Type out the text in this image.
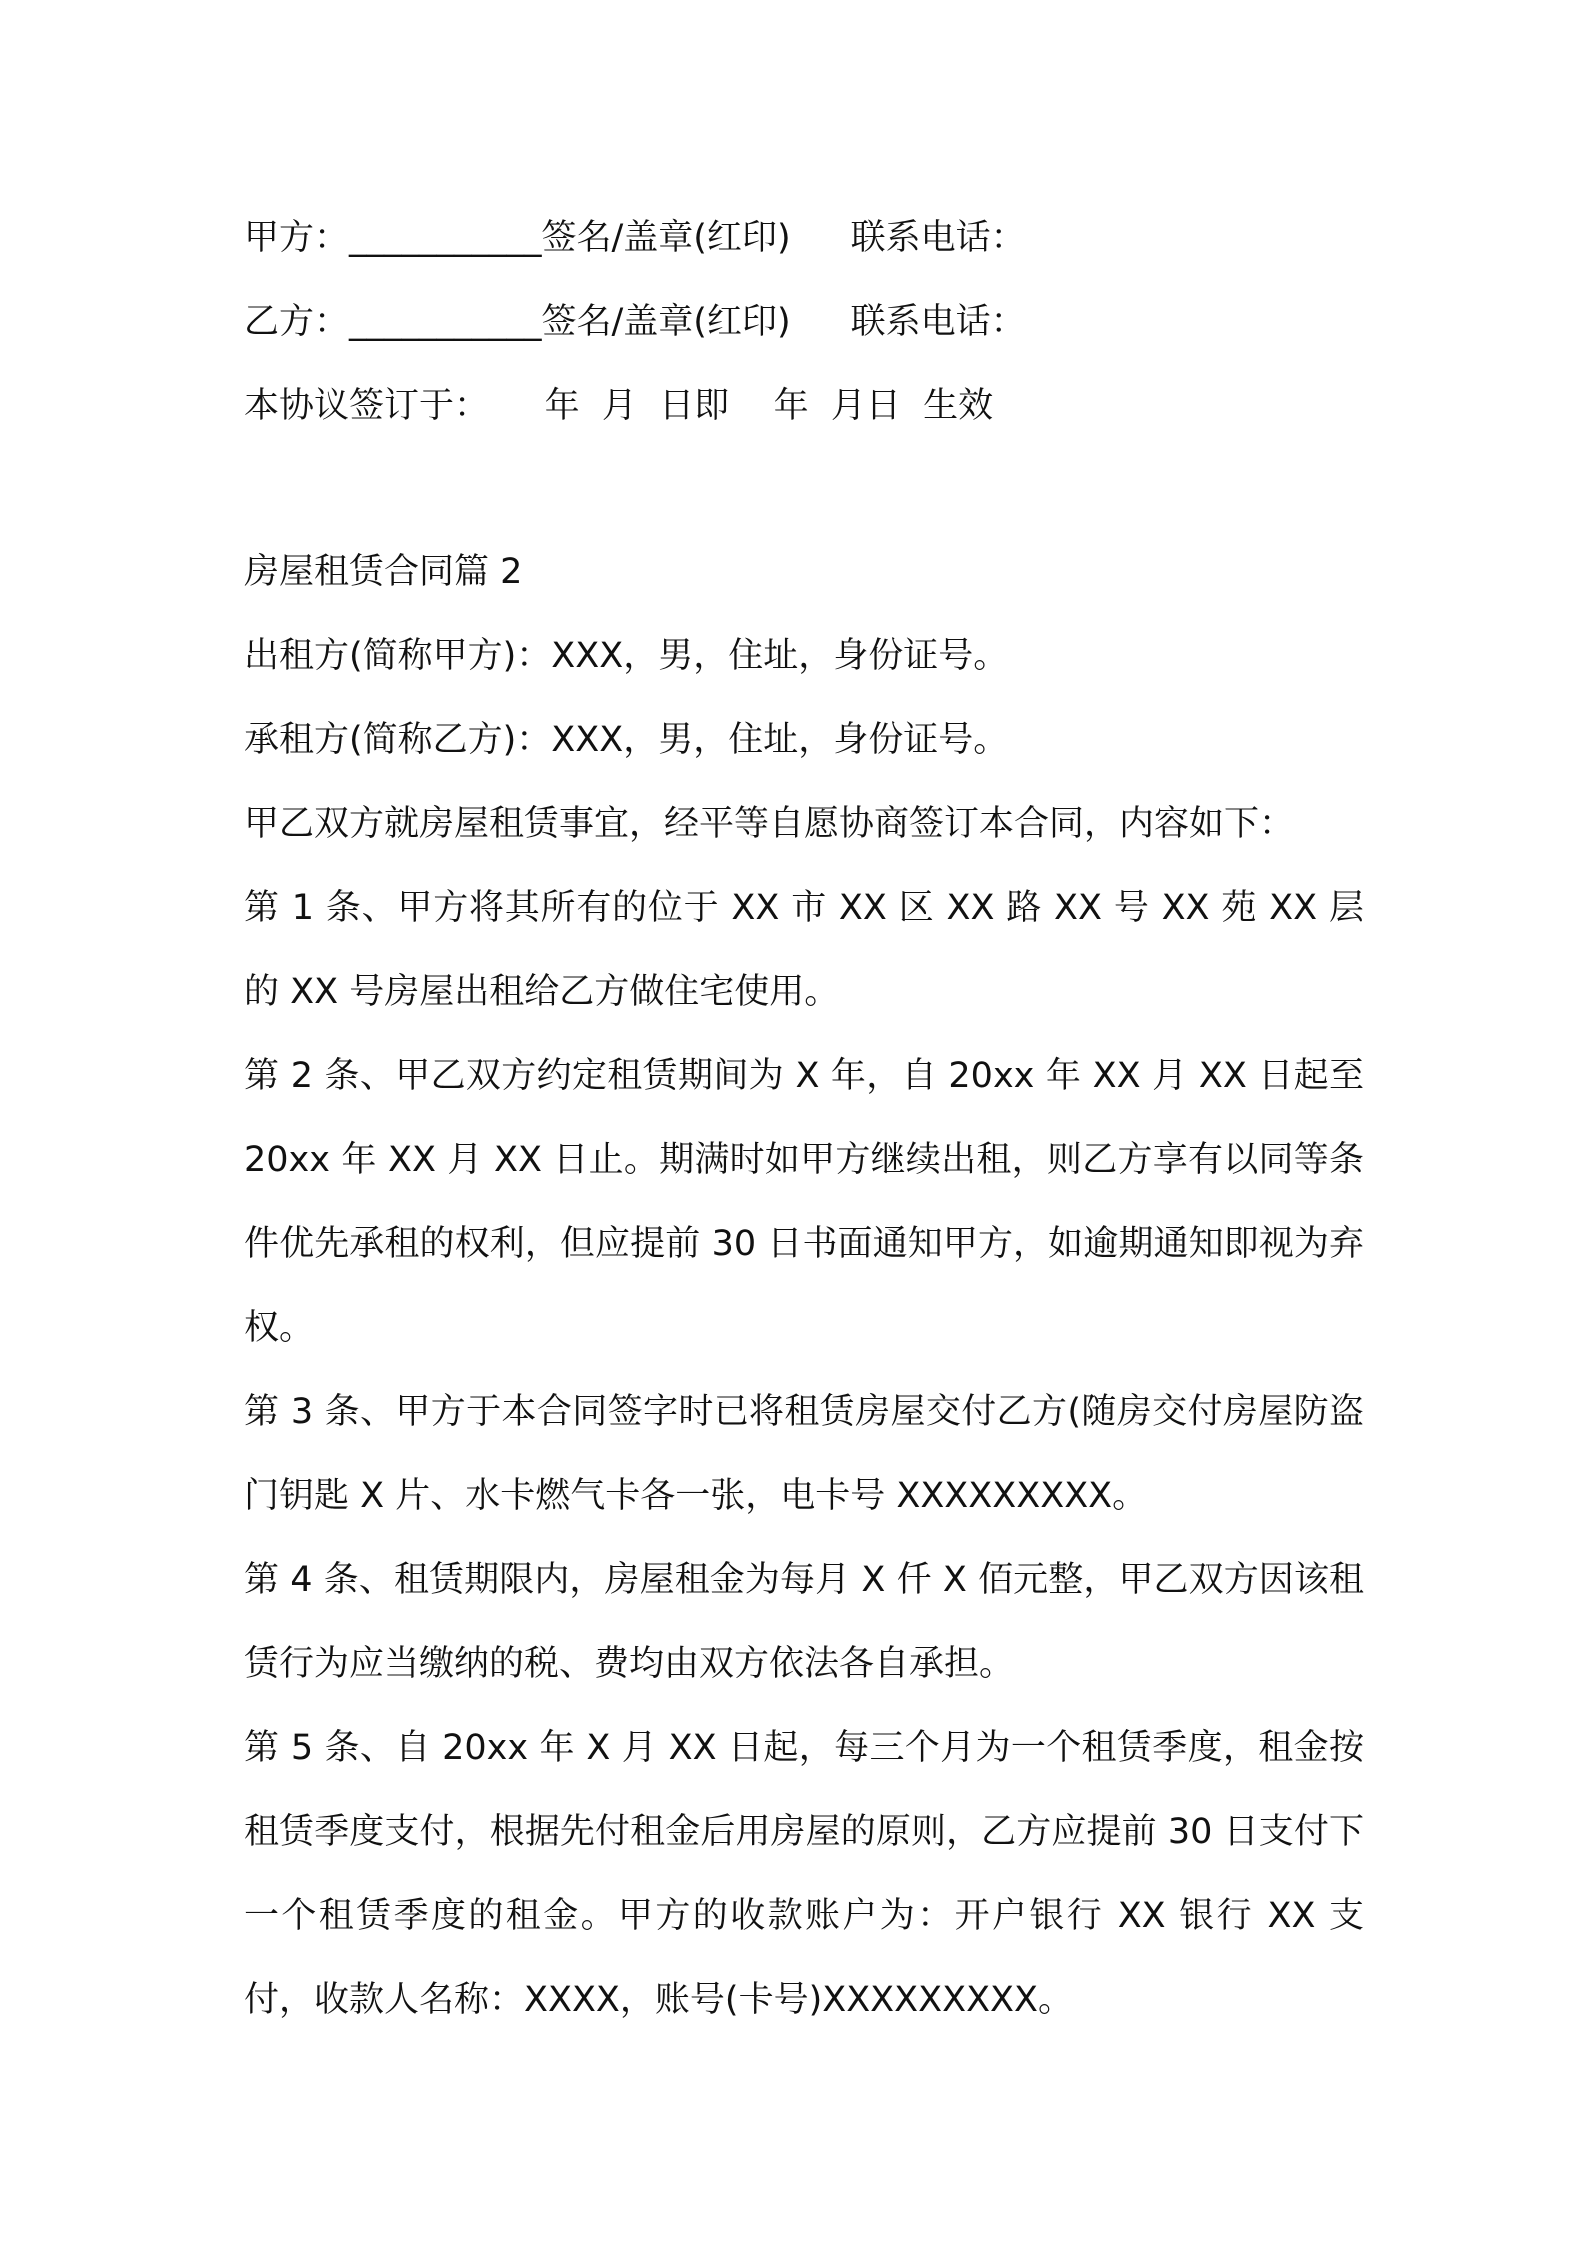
甲方： ___________签名/盖章(红印) 联系电话：
乙方： ___________签名/盖章(红印) 联系电话：
本协议签订于：     年  月  日即    年  月日  生效

房屋租赁合同篇 2

出租方(简称甲方)：XXX，男，住址，身份证号。

承租方(简称乙方)：XXX，男，住址，身份证号。

甲乙双方就房屋租赁事宜，经平等自愿协商签订本合同，内容如下：

第 1 条、甲方将其所有的位于 XX 市 XX 区 XX 路 XX 号 XX 苑 XX 层的 XX 号房屋出租给乙方做住宅使用。

第 2 条、甲乙双方约定租赁期间为 X 年，自 20xx 年 XX 月 XX 日起至 20xx 年 XX 月 XX 日止。期满时如甲方继续出租，则乙方享有以同等条件优先承租的权利，但应提前 30 日书面通知甲方，如逾期通知即视为弃权。

第 3 条、甲方于本合同签字时已将租赁房屋交付乙方(随房交付房屋防盗门钥匙 X 片、水卡燃气卡各一张，电卡号 XXXXXXXXX。

第 4 条、租赁期限内，房屋租金为每月 X 仟 X 佰元整，甲乙双方因该租赁行为应当缴纳的税、费均由双方依法各自承担。

第 5 条、自 20xx 年 X 月 XX 日起，每三个月为一个租赁季度，租金按租赁季度支付，根据先付租金后用房屋的原则，乙方应提前 30 日支付下一个租赁季度的租金。甲方的收款账户为：开户银行 XX 银行 XX 支付，收款人名称：XXXX，账号(卡号)XXXXXXXXX。
